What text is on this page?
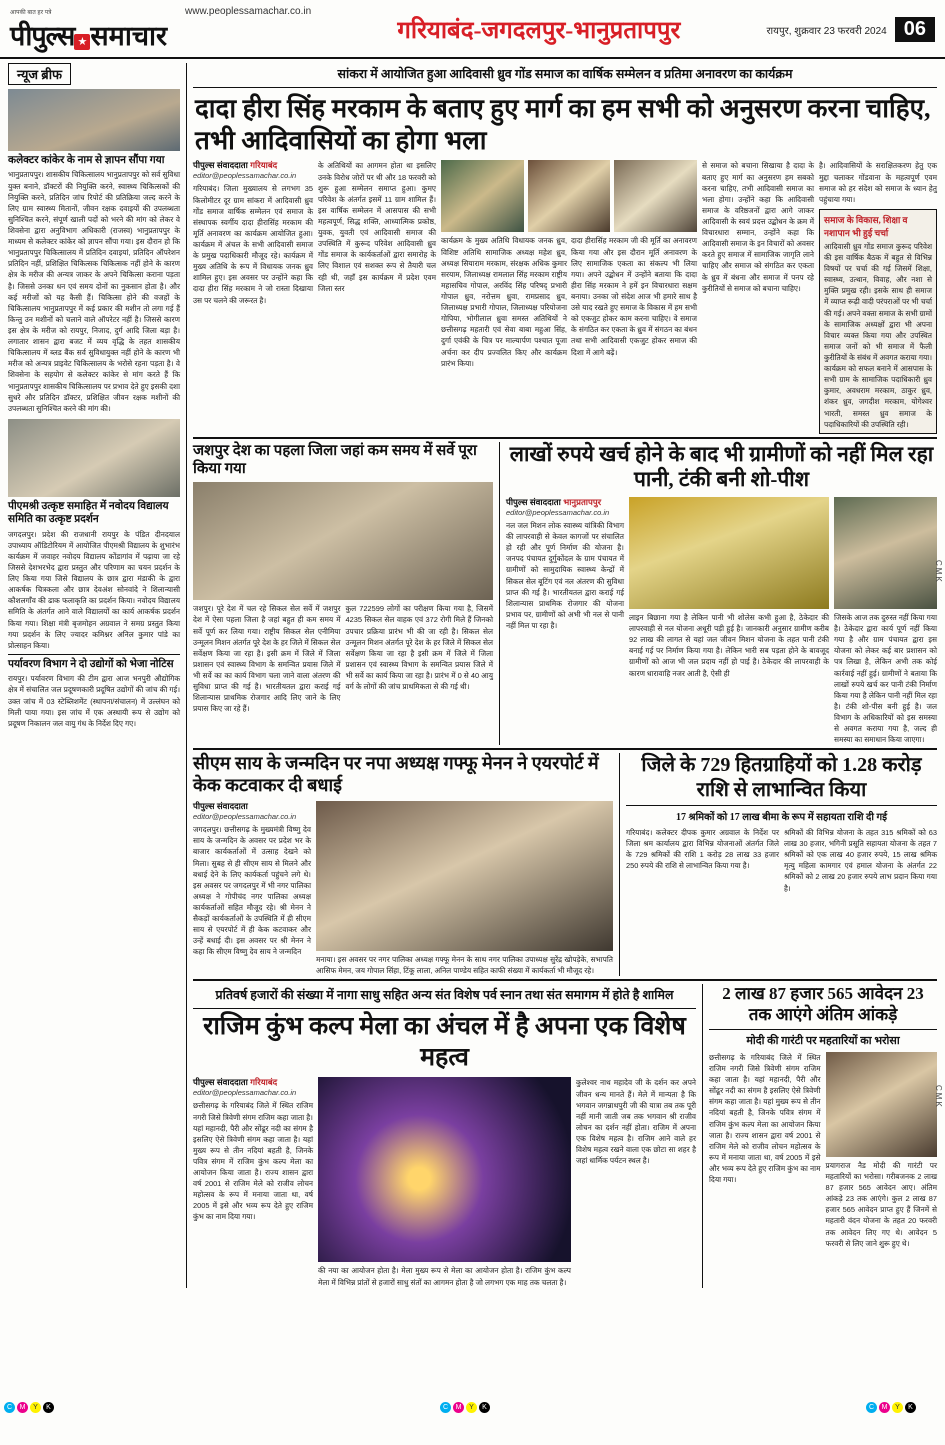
आपकी बात हर पत्रे
पीपुल्स ★ समाचार
www.peoplessamachar.co.in
गरियाबंद-जगदलपुर-भानुप्रतापपुर	रायपुर, शुक्रवार 23 फरवरी 2024 06
न्यूज ब्रीफ
कलेक्टर कांकेर के नाम से ज्ञापन सौंपा गया
भानुप्रतापपुर। शासकीय चिकित्सालय भानुप्रतापपुर को सर्व सुविधा युक्त बनाने, डॉक्टरों की नियुक्ति करने, स्वास्थ्य चिकित्सकों की नियुक्ति करने, प्रतिदिन जांच रिपोर्ट की प्रतिक्रिया जल्द करने के लिए ग्राम स्वास्थ्य मितानों, जीवन रक्षक दवाइयों की उपलब्धता सुनिश्चित करने, संपूर्ण खाली पदों को भरने की मांग को लेकर वे शिवसेना द्वारा अनुविभाग अधिकारी (राजस्व) भानुप्रतापपुर के माध्यम से कलेक्टर कांकेर को ज्ञापन सौंपा गया। इस दौरान हो कि भानुप्रतापपुर चिकित्सालय में प्रतिदिन दवाइयां, प्रतिदिन ऑपरेशन प्रतिदिन नहीं, प्रशिक्षित चिकित्सक चिकित्सक नहीं होने के कारण क्षेत्र के मरीज की अन्यत्र जाकर के अपने चिकित्सा कराना पड़ता है। जिससे उनका धन एवं समय दोनों का नुकसान होता है। और कई मरीजों को यह कैसी हैं। चिकित्सा होने की वजहों के चिकित्सालय भानुप्रतापपुर में कई प्रकार की मशीन तो लगा गई हैं किन्तु उन मशीनों को चलाने वाले ऑपरेटर नहीं है। जिससे कारण इस क्षेत्र के मरीज को रायपुर, निजाद, दुर्ग आदि जिला बड़ा है। लगातार शासन द्वारा बजट में व्यय वृद्धि के तहत शासकीय चिकित्सालय में ब्लड बैंक सर्व सुविधायुक्त नहीं होने के कारण भी मरीज को अन्यत्र प्राइवेट चिकित्सालय के भरोसे रहना पड़ता है। वे शिवसेना के सहयोग से कलेक्टर कांकेर से मांग करते हैं कि भानुप्रतापपुर शासकीय चिकित्सालय पर प्रभाव देते हुए इसकी दशा सुधरे और प्रतिदिन डॉक्टर, प्रशिक्षित जीवन रक्षक मशीनों की उपलब्धता सुनिश्चित करने की मांग की।
पीएमश्री उत्कृष्ट समाहित में नवोदय विद्यालय समिति का उत्कृष्ट प्रदर्शन
जगदलपुर। प्रदेश की राजधानी रायपुर के पंडित दीनदयाल उपाध्याय ऑडिटोरियम में आयोजित पीएमश्री विद्यालय के शुभारंभ कार्यक्रम में जवाहर नवोदय विद्यालय कोंडागांव में पढ़ाया जा रहे जिससे देशभरभेद द्वारा प्रस्तुत और परिणाम का चयन प्रदर्शन के लिए किया गया जिसे विद्यालय के छात्र द्वारा मंडाकी के द्वारा आकर्षक चित्रकला और छात्र देवअंश सोनवांदे ने शिलान्यासी कौशलगाँव की ढाक फलाकृति का प्रदर्शन किया। नवोदय विद्यालय समिति के अंतर्गत आने वाले विद्यालयों का कार्य आकर्षक प्रदर्शन किया गया। शिक्षा मंत्री बृजमोहन अग्रवाल ने समग्र प्रस्तुत किया गया प्रदर्शन के लिए ज्यादर कमिश्नर अनिल कुमार पांडे का प्रोत्साहन किया।
पर्यावरण विभाग ने दो उद्योगों को भेजा नोटिस
रायपुर। पर्यावरण विभाग की टीम द्वारा आज भनपुरी औद्योगिक क्षेत्र में संचालित जल प्रदूषणकारी प्रदूषित उद्योगों की जांच की गई। उक्त जांच में 03 स्टेब्लिशमेंट (स्थापना/संचालन) में उल्लंघन को मिली पाया गया। इस जांच में एक अस्थायी रूप से उद्योग को प्रदूषण निकालन जल वायु गंध के निर्देश दिए गए।
सांकरा में आयोजित हुआ आदिवासी ध्रुव गोंड समाज का वार्षिक सम्मेलन व प्रतिमा अनावरण का कार्यक्रम
दादा हीरा सिंह मरकाम के बताए हुए मार्ग का हम सभी को अनुसरण करना चाहिए, तभी आदिवासियों का होगा भला
पीपुल्स संवाददाता गरियाबंद
editor@peoplessamachar.co.in
गरियाबंद। जिला मुख्यालय से लगभग 35 किलोमीटर दूर ग्राम सांकरा में आदिवासी ध्रुव गोंड समाज वार्षिक सम्मेलन एवं समाज के संस्थापक स्वर्गीय दादा हीरासिंह मरकाम की मूर्ति अनावरण का कार्यक्रम आयोजित हुआ। कार्यक्रम में अंचल के सभी आदिवासी समाज के प्रमुख पदाधिकारी मौजूद रहे। कार्यक्रम में मुख्य अतिथि के रूप में विधायक जनक ध्रुव शामिल हुए। इस अवसर पर उन्होंने कहा कि दादा हीरा सिंह मरकाम ने जो रास्ता दिखाया उस पर चलने की जरूरत है।
के अतिथियों का आगमन होता था इसलिए उनके विरोध जोरों पर थी और 18 फरवरी को शुरू हुआ सम्मेलन समाप्त हुआ। कुमए परिवेश के अंतर्गत इसमें 11 ग्राम शामिल हैं। इस वार्षिक सम्मेलन में आसपास की सभी महत्वपूर्ण, सिद्ध शक्ति, आध्यात्मिक प्रकोष्ठ, युवक, युवती एवं आदिवासी समाज की उपस्थिति में कुरूद परिवेश आदिवासी ध्रुव गोंड समाज के कार्यकर्ताओं द्वारा समारोह के लिए विशाल एवं सशक्त रूप से तैयारी चल रही थी, जहाँ इस कार्यक्रम में प्रदेश एवम जिला स्तर
कार्यक्रम के मुख्य अतिथि विधायक जनक ध्रुव, विशिष्ट अतिथि सामाजिक अध्यक्ष महेश ध्रुव, अध्यक्ष सियाराम मरकाम, संरक्षक अधिक कुमार सरयाम, जिलाध्यक्ष रामलाल सिंह मरकाम राष्ट्रीय महासचिव गोपाल, अरविंद सिंह परिषद् प्रभारी गोपाल ध्रुव, नरोत्तम ध्रुवा, रामप्रसाद ध्रुव, जिलाध्यक्ष प्रभारी गोपाल, जिलाध्यक्ष परियोजना गोपिया, भोगीलाल ध्रुवा समस्त अतिथियों ने छत्तीसगढ़ महतारी एवं सेवा बाबा महुआ सिंह, दुर्गा एवंकी के चित्र पर माल्यार्पण पश्चात पूजा अर्चना कर दीप प्रज्वलित किए और कार्यक्रम प्रारंभ किया।
दादा हीरासिंह मरकाम जी की मूर्ति का अनावरण किया गया और इस दौरान मूर्ति अनावरण के लिए सामाजिक एकता का संकल्प भी लिया गया। अपने उद्बोधन में उन्होंने बताया कि दादा हीरा सिंह मरकाम ने हमें इन विचारधारा सक्षम बनाया। उनका जो संदेश आज भी हमारे साथ है उसे याद रखते हुए समाज के विकास में हम सभी को एकजुट होकर काम करना चाहिए। वे समाज के संगठित कर एकता के ध्रुव में संगठन का बंधन तथा सभी आदिवासी एकजुट होकर समाज की दिशा में आगे बढ़ें।
से समाज को बचाना सिखाया है दादा के बताए हुए मार्ग का अनुसरण हम सबको करना चाहिए, तभी आदिवासी समाज का भला होगा। उन्होंने कहा कि आदिवासी समाज के वरिष्ठजनों द्वारा आगे जाकर आदिवासी के स्वयं प्रदत्त उद्बोधन के क्रम में विचारधारा सम्मान, उन्होंने कहा कि आदिवासी समाज के इन विचारों को अवसर करते हुए समाज में सामाजिक जागृति लाने चाहिए और समाज को संगठित कर एकता के ध्रुव में बंधना और समाज में पनप रहे कुरीतियों से समाज को बचाना चाहिए।
है। आदिवासियों के सराक्षितकरण हेतु एक मुद्दा चलाकर गोंडवाना के महत्वपूर्ण एवम समाज को हर संदेश को समाज के ध्यान हेतु पहुंचाया गया।
समाज के विकास, शिक्षा व नशापान भी हुई चर्चा
आदिवासी ध्रुव गोंड समाज कुरूद परिवेश की इस वार्षिक बैठक में बहुत से विभिन्न विषयों पर चर्चा की गई जिसमें शिक्षा, स्वास्थ्य, उत्थान, विवाह, और नशा से मुक्ति प्रमुख रही। इसके साथ ही समाज में व्याप्त रूढ़ी वादी परंपराओं पर भी चर्चा की गई। अपने वक्ता समाज के सभी ग्रामों के सामाजिक अध्यक्षों द्वारा भी अपना विचार व्यक्त किया गया और उपस्थित समाज जनों को भी समाज में फैली कुरीतियों के संबंध में अवगत कराया गया। कार्यक्रम को सफल बनाने में आसपास के सभी ग्राम के सामाजिक पदाधिकारी ध्रुव कुमार, अवधराम मरकाम, ठाकुर ध्रुव, शंकर ध्रुव, जगदीश मरकाम, योगेश्वर भारती, समस्त ध्रुव समाज के पदाधिकारियों की उपस्थिति रही।
जशपुर देश का पहला जिला जहां कम समय में सर्वे पूरा किया गया
जशपुर। पूरे देश में चल रहे सिकल सेल सर्वे में जशपुर देश में ऐसा पहला जिला है जहां बहुत ही कम समय में सर्वे पूर्ण कर लिया गया। राष्ट्रीय सिकल सेल एनीमिया उन्मूलन मिशन अंतर्गत पूरे देश के हर जिले में सिकल सेल सर्वेक्षण किया जा रहा है। इसी क्रम में जिले में जिला प्रशासन एवं स्वास्थ्य विभाग के समन्वित प्रयास जिले में भी सर्वे का का कार्य विभाग चला जाने वाला अंतरण की सुविधा प्राप्त की गई है। भारतीयतल द्वारा कराई गई शिलान्यास प्राथमिक रोजगार आदि लिए जाने के लिए प्रयास किए जा रहे हैं।
कुल 722599 लोगों का परीक्षण किया गया है, जिसमें 4235 सिकल सेल वाहक एवं 372 रोगी मिले हैं जिनको उपचार प्रक्रिया प्रारंभ भी की जा रही है। सिकल सेल उन्मूलन मिशन अंतर्गत पूरे देश के हर जिले में सिकल सेल सर्वेक्षण किया जा रहा है इसी क्रम में जिले में जिला प्रशासन एवं स्वास्थ्य विभाग के समन्वित प्रयास जिले में भी सर्वे का कार्य किया जा रहा है। प्रारंभ में 0 से 40 आयु वर्ग के लोगों की जांच प्राथमिकता से की गई थी।
लाखों रुपये खर्च होने के बाद भी ग्रामीणों को नहीं मिल रहा पानी, टंकी बनी शो-पीश
पीपुल्स संवाददाता भानुप्रतापपुर
editor@peoplessamachar.co.in
नल जल मिशन लोक स्वास्थ्य यांत्रिकी विभाग की लापरवाही से केवल कागजों पर संचालित हो रही और पूर्ण निर्माण की योजना है। जनपद पंचायत दुर्गुकोंदल के ग्राम पंचायत में ग्रामीणों को सामुदायिक स्वास्थ्य केन्द्रों में सिकल सेल बूटिंग एवं नल अंतरण की सुविधा प्राप्त की गई है। भारतीयतल द्वारा कराई गई शिलान्यास प्राथमिक रोजगार की योजना प्रभाव पर, ग्रामीणों को अभी भी नल से पानी नहीं मिल पा रहा है।
लाइन बिछाना गया है लेकिन पानी भी शोलेस कभी हुआ है, ठेकेदार की लापरवाही से नल योजना अधूरी पड़ी हुई है। जानकारी अनुसार ग्रामीण करीब 92 लाख की लागत से यहां जल जीवन मिशन योजना के तहत पानी टंकी बनाई गई पर निर्माण किया गया है। लेकिन भारी सब पड़ता होने के बावजूद ग्रामीणों को आज भी जल प्रदाय नहीं हो पाई है। ठेकेदार की लापरवाही के कारण धारावाहि नजर आती है, ऐसी ही
जिसके आज तक दुरुस्त नहीं किया गया है। ठेकेदार द्वारा कार्य पूर्ण नहीं किया गया है और ग्राम पंचायत द्वारा इस योजना को लेकर कई बार प्रशासन को पत्र लिखा है, लेकिन अभी तक कोई कार्रवाई नहीं हुई। ग्रामीणों ने बताया कि लाखों रुपये खर्च कर पानी टंकी निर्माण किया गया है लेकिन पानी नहीं मिल रहा है। टंकी शो-पीस बनी हुई है। जल विभाग के अधिकारियों को इस समस्या से अवगत कराया गया है, जल्द ही समस्या का समाधान किया जाएगा।
सीएम साय के जन्मदिन पर नपा अध्यक्ष गफ्फू मेनन ने एयरपोर्ट में केक कटवाकर दी बधाई
पीपुल्स संवाददाता
editor@peoplessamachar.co.in
जगदलपुर। छत्तीसगढ़ के मुख्यमंत्री विष्णु देव साय के जन्मदिन के अवसर पर प्रदेश भर के बाजार कार्यकर्ताओं में उत्साह देखने को मिला। सुबह से ही सीएम साय से मिलने और बधाई देने के लिए कार्यकर्ता पहुंचने लगे थे। इस अवसर पर जगदलपुर में भी नगर पालिका अध्यक्ष ने गोपीचंद नगर पालिका अध्यक्ष कार्यकर्ताओं सहित मौजूद रहे। श्री मेनन ने सैकड़ों कार्यकर्ताओं के उपस्थिति में ही सीएम साय से एयरपोर्ट में ही केक कटवाकर और उन्हें बधाई दी। इस अवसर पर श्री मेनन ने कहा कि सीएम विष्णु देव साय ने जन्मदिन
मनाया। इस अवसर पर नगर पालिका अध्यक्ष गफ्फू मेनन के साथ नगर पालिका उपाध्यक्ष सुरेंद्र खोपड़ेके, सभापति आसिफ मेमन, जय गोपाल सिंहा, टिंकू लाला, अनिल पाण्डेय सहित काफी संख्या में कार्यकर्ता भी मौजूद रहे।
जिले के 729 हितग्राहियों को 1.28 करोड़ राशि से लाभान्वित किया
17 श्रमिकों को 17 लाख बीमा के रूप में सहायता राशि दी गई
गरियाबंद। कलेक्टर दीपक कुमार अग्रवाल के निर्देश पर जिला श्रम कार्यालय द्वारा विभिन्न योजनाओं अंतर्गत जिले के 729 श्रमिकों की राशि 1 करोड़ 28 लाख 33 हजार 250 रुपये की राशि से लाभान्वित किया गया है।
श्रमिकों की विभिन्न योजना के तहत 315 श्रमिकों को 63 लाख 30 हजार, भगिनी प्रसूति सहायता योजना के तहत 7 श्रमिकों को एक लाख 40 हजार रुपये, 15 लाख श्रमिक मृत्यु महिला कामगार एवं हमाल योजना के अंतर्गत 22 श्रमिकों को 2 लाख 20 हजार रुपये लाभ प्रदान किया गया है।
प्रतिवर्ष हजारों की संख्या में नागा साधु सहित अन्य संत विशेष पर्व स्नान तथा संत समागम में होते है शामिल
राजिम कुंभ कल्प मेला का अंचल में है अपना एक विशेष महत्व
पीपुल्स संवाददाता गरियाबंद
editor@peoplessamachar.co.in
छत्तीसगढ़ के गरियाबंद जिले में स्थित राजिम नगरी जिसे त्रिवेणी संगम राजिम कहा जाता है। यहां महानदी, पैरी और सोंढूर नदी का संगम है इसलिए ऐसे त्रिवेणी संगम कहा जाता है। यहां मुख्य रूप से तीन नदियां बहती है, जिनके पवित्र संगम में राजिम कुंभ कल्प मेला का आयोजन किया जाता है। राज्य शासन द्वारा वर्ष 2001 से राजिम मेले को राजीव लोचन महोत्सव के रूप में मनाया जाता था, वर्ष 2005 में इसे और भव्य रूप देते हुए राजिम कुंभ का नाम दिया गया।
की नया का आयोजन होता है। मेला मुख्य रूप से मेला का आयोजन होता है। राजिम कुंभ कल्प मेला में विभिन्न प्रांतों से हजारों साधु संतों का आगमन होता है जो लगभग एक माह तक चलता है।
कुलेश्वर नाथ महादेव जी के दर्शन कर अपने जीवन धन्य मानते हैं। मेले में मान्यता है कि भगवान जगन्नाथपुरी जी की यात्रा तब तक पूरी नहीं मानी जाती जब तक भगवान श्री राजीव लोचन का दर्शन नहीं होता। राजिम में अपना एक विशेष महत्व है। राजिम आने वाले हर विशेष महत्व रखने वाला एक छोटा सा शहर है जहां धार्मिक पर्यटन स्थल है।
2 लाख 87 हजार 565 आवेदन 23 तक आएंगे अंतिम आंकड़े
मोदी की गारंटी पर महतारियों का भरोसा
छत्तीसगढ़ के गरियाबंद जिले में स्थित राजिम नगरी जिसे त्रिवेणी संगम राजिम कहा जाता है। यहां महानदी, पैरी और सोंढूर नदी का संगम है इसलिए ऐसे त्रिवेणी संगम कहा जाता है। यहां मुख्य रूप से तीन नदियां बहती है, जिनके पवित्र संगम में राजिम कुंभ कल्प मेला का आयोजन किया जाता है। राज्य शासन द्वारा वर्ष 2001 से राजिम मेले को राजीव लोचन महोत्सव के रूप में मनाया जाता था, वर्ष 2005 में इसे और भव्य रूप देते हुए राजिम कुंभ का नाम दिया गया।
प्रयागराज नैड मोदी की गारंटी पर महतारियों का भरोसा। गरीबजनक 2 लाख 87 हजार 565 आवेदन आए। अंतिम आंकड़े 23 तक आएंगे। कुल 2 लाख 87 हजार 565 आवेदन प्राप्त हुए हैं जिनमें से महतारी वंदन योजना के तहत 20 फरवरी तक आवेदन लिए गए थे। आवेदन 5 फरवरी से लिए जाने शुरू हुए थे।
C	M	Y	K	C	M	Y	K	C	M	Y	K
CMK
CMK
